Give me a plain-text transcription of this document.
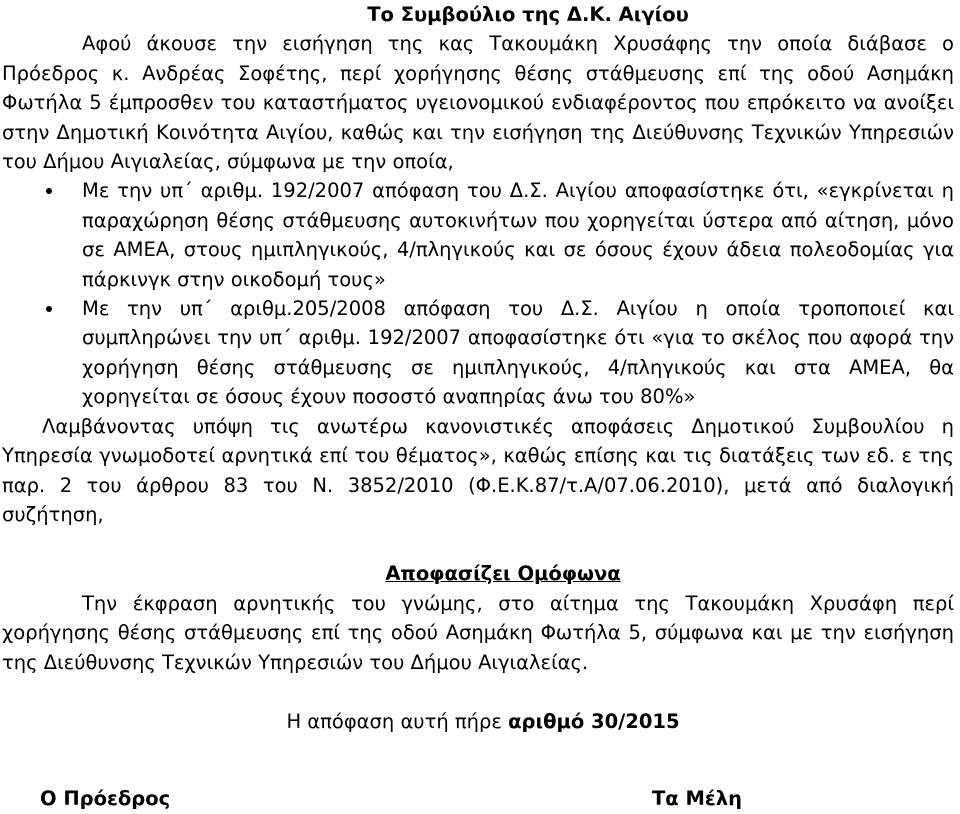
Το Συμβούλιο της Δ.Κ. Αιγίου

Αφού άκουσε την εισήγηση της κας Τακουμάκη Χρυσάφης την οποία διάβασε ο Πρόεδρος κ. Ανδρέας Σοφέτης, περί χορήγησης θέσης στάθμευσης επί της οδού Ασημάκη Φωτήλα 5 έμπροσθεν του καταστήματος υγειονομικού ενδιαφέροντος που επρόκειτο να ανοίξει στην Δημοτική Κοινότητα Αιγίου, καθώς και την εισήγηση της Διεύθυνσης Τεχνικών Υπηρεσιών του Δήμου Αιγιαλείας, σύμφωνα με την οποία,

Με την υπ΄ αριθμ. 192/2007 απόφαση του Δ.Σ. Αιγίου αποφασίστηκε ότι, «εγκρίνεται η παραχώρηση θέσης στάθμευσης αυτοκινήτων που χορηγείται ύστερα από αίτηση, μόνο σε ΑΜΕΑ, στους ημιπληγικούς, 4/πληγικούς και σε όσους έχουν άδεια πολεοδομίας για πάρκινγκ στην οικοδομή τους»
Με την υπ΄ αριθμ.205/2008 απόφαση του Δ.Σ. Αιγίου η οποία τροποποιεί και συμπληρώνει την υπ΄ αριθμ. 192/2007 αποφασίστηκε ότι «για το σκέλος που αφορά την χορήγηση θέσης στάθμευσης σε ημιπληγικούς, 4/πληγικούς και στα ΑΜΕΑ, θα χορηγείται σε όσους έχουν ποσοστό αναπηρίας άνω του 80%»

Λαμβάνοντας υπόψη τις ανωτέρω κανονιστικές αποφάσεις Δημοτικού Συμβουλίου η Υπηρεσία γνωμοδοτεί αρνητικά επί του θέματος», καθώς επίσης και τις διατάξεις των εδ. ε της παρ. 2 του άρθρου 83 του Ν. 3852/2010 (Φ.Ε.Κ.87/τ.Α/07.06.2010), μετά από διαλογική συζήτηση,

Αποφασίζει Ομόφωνα

Την έκφραση αρνητικής του γνώμης, στο αίτημα της Τακουμάκη Χρυσάφη περί χορήγησης θέσης στάθμευσης επί της οδού Ασημάκη Φωτήλα 5, σύμφωνα και με την εισήγηση της Διεύθυνσης Τεχνικών Υπηρεσιών του Δήμου Αιγιαλείας.

Η απόφαση αυτή πήρε αριθμό 30/2015

Ο Πρόεδρος	Τα Μέλη
